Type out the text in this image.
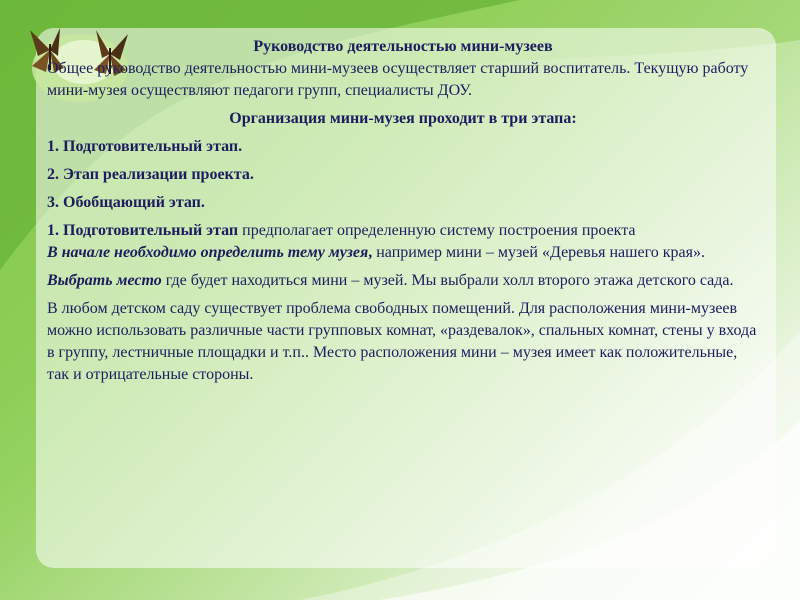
Руководство деятельностью мини-музеев

Общее руководство деятельностью мини-музеев осуществляет старший воспитатель. Текущую работу мини-музея осуществляют педагоги групп, специалисты ДОУ.

Организация мини-музея проходит в три этапа:

1. Подготовительный этап.

2. Этап реализации проекта.

3. Обобщающий этап.

1. Подготовительный этап предполагает определенную систему построения проекта

В начале необходимо определить тему музея, например мини – музей «Деревья нашего края».

Выбрать место где будет находиться мини – музей. Мы выбрали холл второго этажа детского сада.

В любом детском саду существует проблема свободных помещений. Для расположения мини-музеев можно использовать различные части групповых комнат, «раздевалок», спальных комнат, стены у входа в группу, лестничные площадки и т.п.. Место расположения мини – музея имеет как положительные, так и отрицательные стороны.
